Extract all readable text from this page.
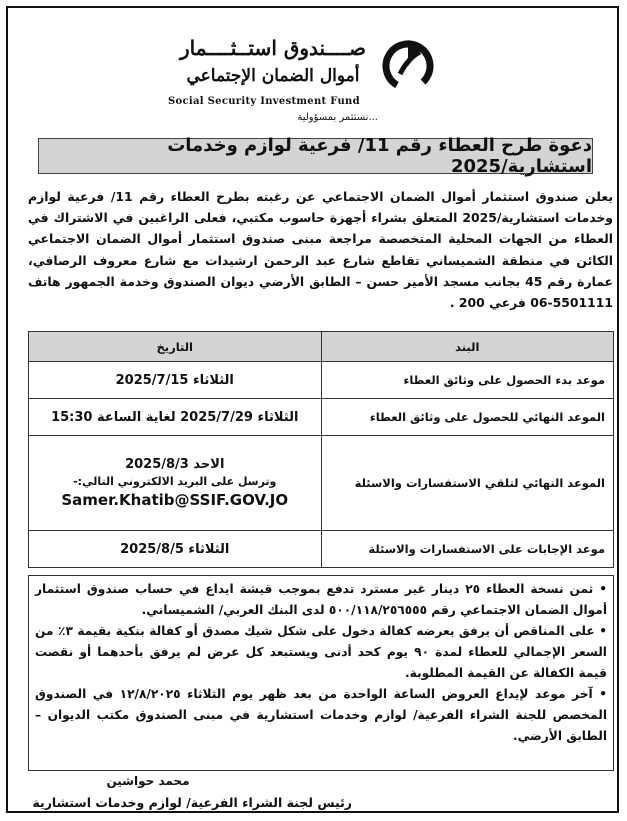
صــــندوق استــثــــمار
أموال الضمان الإجتماعي
Social Security Investment Fund
...نستثمر بمسؤولية
دعوة طرح العطاء رقم 11/ فرعية لوازم وخدمات استشارية/2025

يعلن صندوق استثمار أموال الضمان الاجتماعي عن رغبته بطرح العطاء رقم 11/ فرعية لوازم وخدمات استشارية/2025 المتعلق بشراء أجهزة حاسوب مكتبي، فعلى الراغبين في الاشتراك في العطاء من الجهات المحلية المتخصصة مراجعة مبنى صندوق استثمار أموال الضمان الاجتماعي الكائن في منطقة الشميساني تقاطع شارع عبد الرحمن ارشيدات مع شارع معروف الرصافي، عمارة رقم 45 بجانب مسجد الأمير حسن – الطابق الأرضي ديوان الصندوق وخدمة الجمهور هاتف 5501111-06 فرعي 200 .

البند	التاريخ
موعد بدء الحصول على وثائق العطاء	الثلاثاء 2025/7/15
الموعد النهائي للحصول على وثائق العطاء	الثلاثاء 2025/7/29 لغاية الساعة 15:30
الموعد النهائي لتلقي الاستفسارات والاسئلة	الاحد 2025/8/3
وترسل على البريد الالكتروني التالي:-
Samer.Khatib@SSIF.GOV.JO

موعد الإجابات على الاستفسارات والاسئلة	الثلاثاء 2025/8/5

• ثمن نسخة العطاء ٢٥ دينار غير مسترد تدفع بموجب قيشة ايداع في حساب صندوق استثمار أموال الضمان الاجتماعي رقم ٥٠٠/١١٨/٢٥٦٥٥٥ لدى البنك العربي/ الشميساني.

• على المناقص أن يرفق بعرضه كفالة دخول على شكل شيك مصدق أو كفالة بنكية بقيمة ٣٪ من السعر الإجمالي للعطاء لمدة ٩٠ يوم كحد أدنى ويستبعد كل عرض لم يرفق بأحدهما أو نقصت قيمة الكفالة عن القيمة المطلوبة.

• آخر موعد لإيداع العروض الساعة الواحدة من بعد ظهر يوم الثلاثاء ١٢/٨/٢٠٢٥ في الصندوق المخصص للجنة الشراء الفرعية/ لوازم وخدمات استشارية في مبنى الصندوق مكتب الديوان – الطابق الأرضي.

محمد حواشين
رئيس لجنة الشراء الفرعية/ لوازم وخدمات استشارية
